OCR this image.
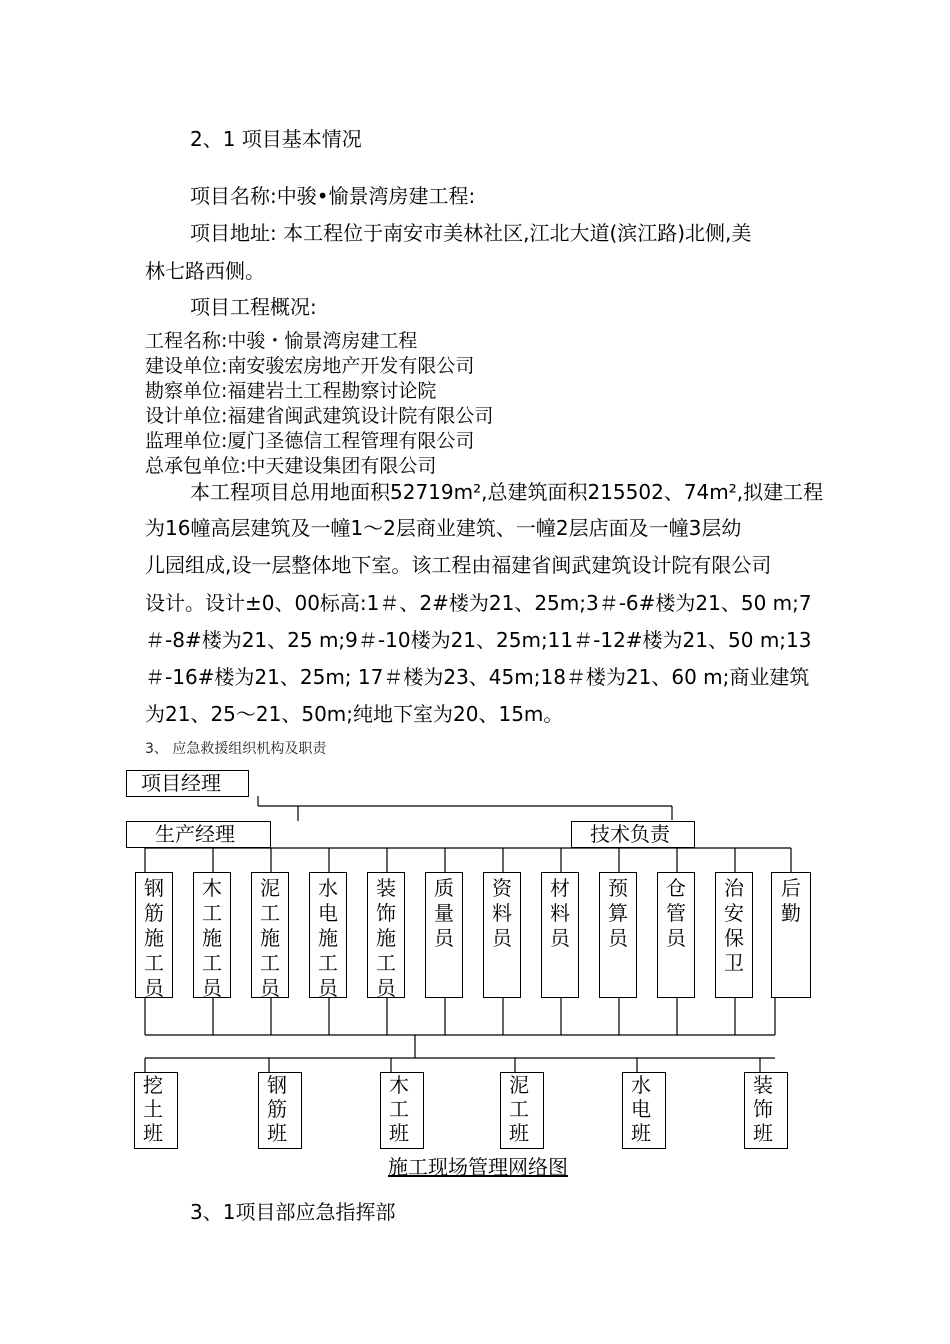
2、1 项目基本情况
项目名称:中骏•愉景湾房建工程:
项目地址: 本工程位于南安市美林社区,江北大道(滨江路)北侧,美
林七路西侧。
项目工程概况:
工程名称:中骏・愉景湾房建工程
建设单位:南安骏宏房地产开发有限公司
勘察单位:福建岩土工程勘察讨论院
设计单位:福建省闽武建筑设计院有限公司
监理单位:厦门圣德信工程管理有限公司
总承包单位:中天建设集团有限公司
本工程项目总用地面积52719m²,总建筑面积215502、74m²,拟建工程
为16幢高层建筑及一幢1～2层商业建筑、一幢2层店面及一幢3层幼
儿园组成,设一层整体地下室。该工程由福建省闽武建筑设计院有限公司
设计。设计±0、00标高:1＃、2#楼为21、25m;3＃-6#楼为21、50 m;7
＃-8#楼为21、25 m;9＃-10楼为21、25m;11＃-12#楼为21、50 m;13
＃-16#楼为21、25m; 17＃楼为23、45m;18＃楼为21、60 m;商业建筑
为21、25～21、50m;纯地下室为20、15m。
3、 应急救援组织机构及职责
项目经理
生产经理	技术负责
钢
筋
施
工
员
木
工
施
工
员
泥
工
施
工
员
水
电
施
工
员
装
饰
施
工
员
质
量
员
资
料
员
材
料
员
预
算
员
仓
管
员
治
安
保
卫
后
勤
挖
土
班
钢
筋
班
木
工
班
泥
工
班
水
电
班
装
饰
班
施工现场管理网络图
3、1项目部应急指挥部
